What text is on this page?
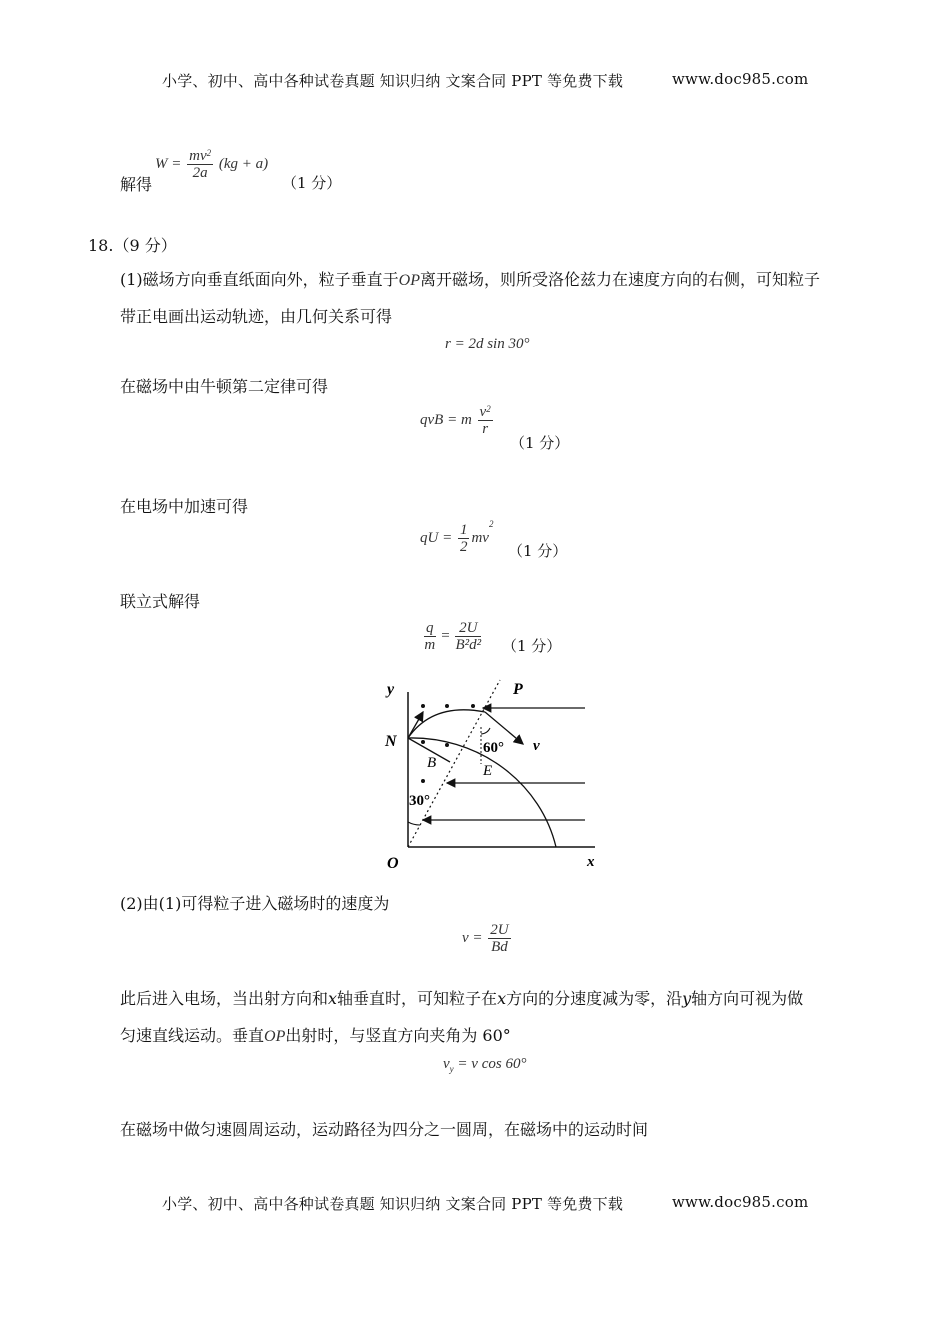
小学、初中、高中各种试卷真题 知识归纳 文案合同 PPT 等免费下载	www.doc985.com
解得
$W = \frac{mv^2}{2a} (kg + a)$
（1 分）
18.（9 分）
(1)磁场方向垂直纸面向外，粒子垂直于OP离开磁场，则所受洛伦兹力在速度方向的右侧，可知粒子
带正电画出运动轨迹，由几何关系可得
r = 2d sin 30°
在磁场中由牛顿第二定律可得
qvB = m $\frac{v^2}{r}$
（1 分）
在电场中加速可得
qU = $\frac{1}{2} mv^2$
（1 分）
联立式解得
$\frac{q}{m} = \frac{2U}{\text{B²d²}} (1$ 分）
y
x
O
P
N
B
v
60°
E
30°
(2)由(1)可得粒子进入磁场时的速度为
$v = \frac{2U}{Bd}$
此后进入电场，当出射方向和x轴垂直时，可知粒子在x方向的分速度减为零，沿y轴方向可视为做
匀速直线运动。垂直OP出射时，与竖直方向夹角为 60°
$v_y = v$ cos 60°
在磁场中做匀速圆周运动，运动路径为四分之一圆周，在磁场中的运动时间
小学、初中、高中各种试卷真题 知识归纳 文案合同 PPT 等免费下载	www.doc985.com
